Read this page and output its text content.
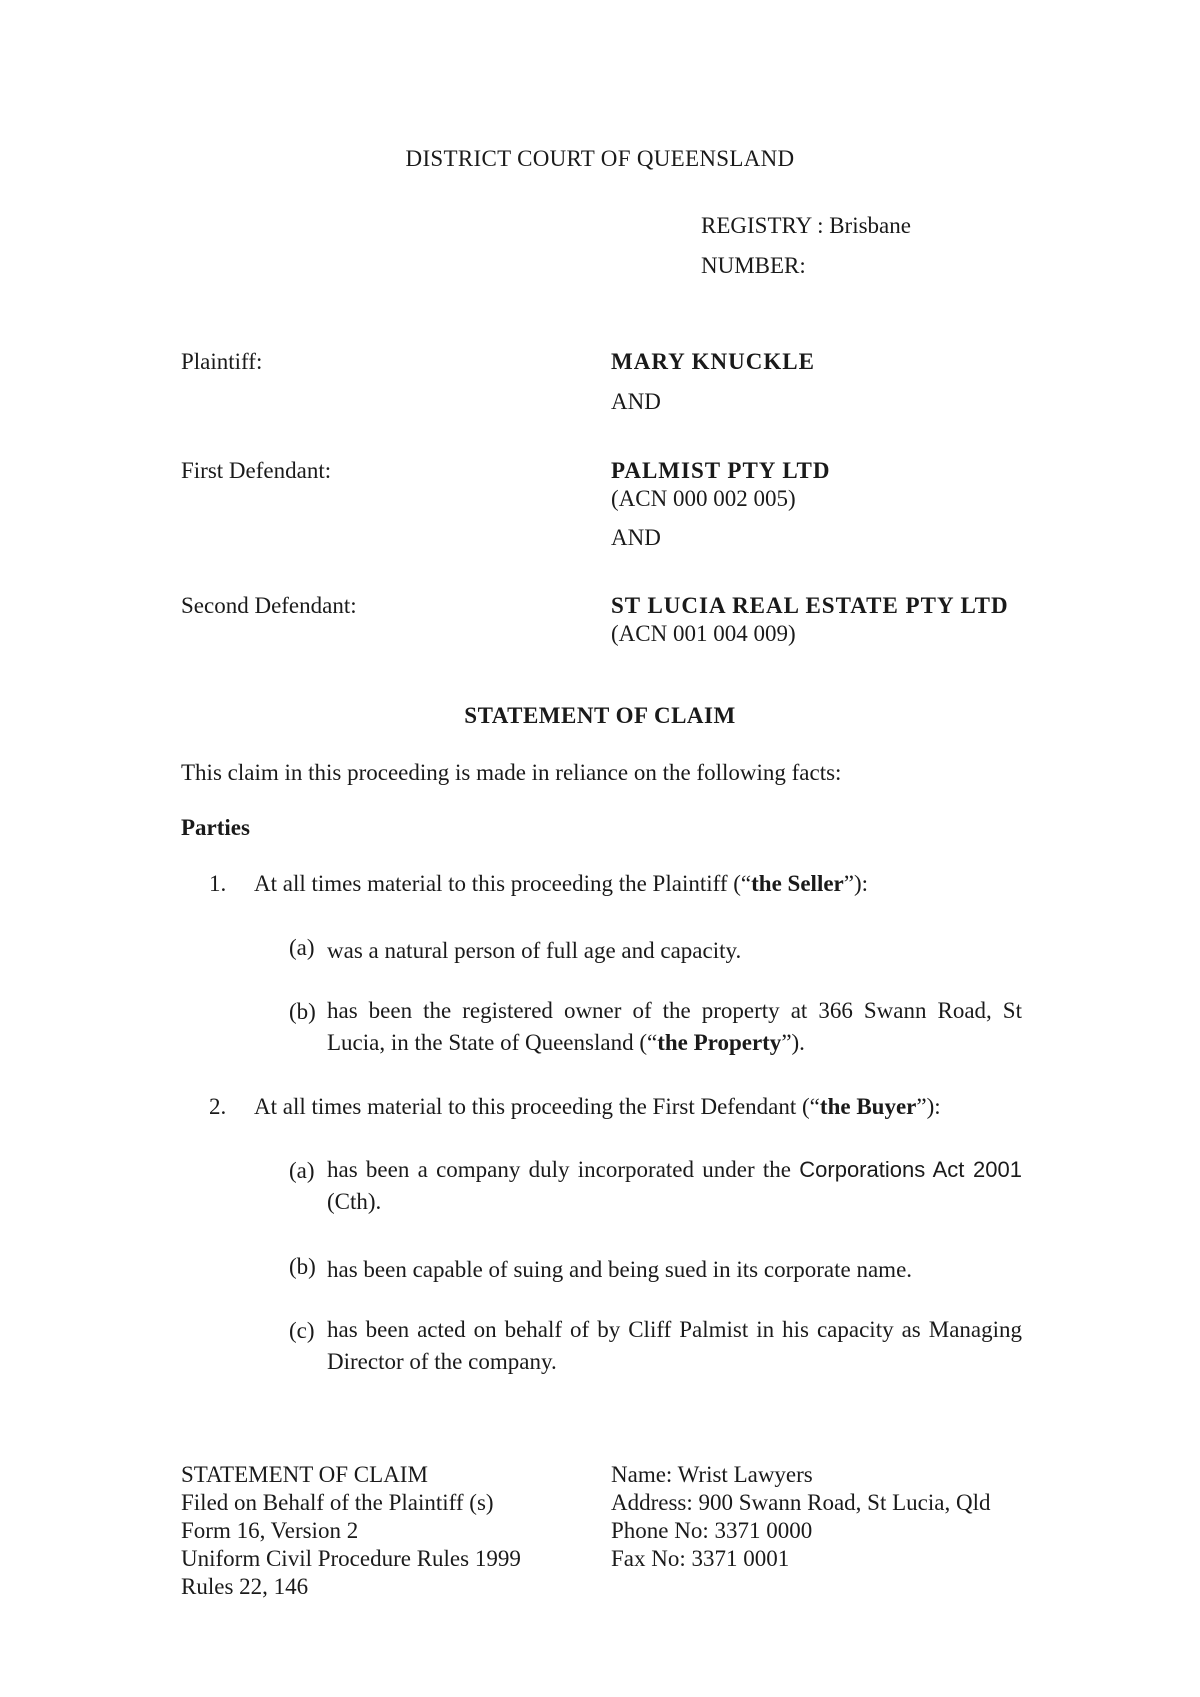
DISTRICT COURT OF QUEENSLAND
REGISTRY : Brisbane
NUMBER:
Plaintiff:	MARY KNUCKLE
AND
First Defendant:	PALMIST PTY LTD
(ACN 000 002 005)
AND
Second Defendant:	ST LUCIA REAL ESTATE PTY LTD
(ACN 001 004 009)
STATEMENT OF CLAIM
This claim in this proceeding is made in reliance on the following facts:
Parties
1. At all times material to this proceeding the Plaintiff (“the Seller”):
(a) was a natural person of full age and capacity.
(b) has been the registered owner of the property at 366 Swann Road, St Lucia, in the State of Queensland (“the Property”).
2. At all times material to this proceeding the First Defendant (“the Buyer”):
(a) has been a company duly incorporated under the Corporations Act 2001 (Cth).
(b) has been capable of suing and being sued in its corporate name.
(c) has been acted on behalf of by Cliff Palmist in his capacity as Managing Director of the company.
STATEMENT OF CLAIM
Filed on Behalf of the Plaintiff (s)
Form 16, Version 2
Uniform Civil Procedure Rules 1999
Rules 22, 146
Name: Wrist Lawyers
Address: 900 Swann Road, St Lucia, Qld
Phone No: 3371 0000
Fax No: 3371 0001
